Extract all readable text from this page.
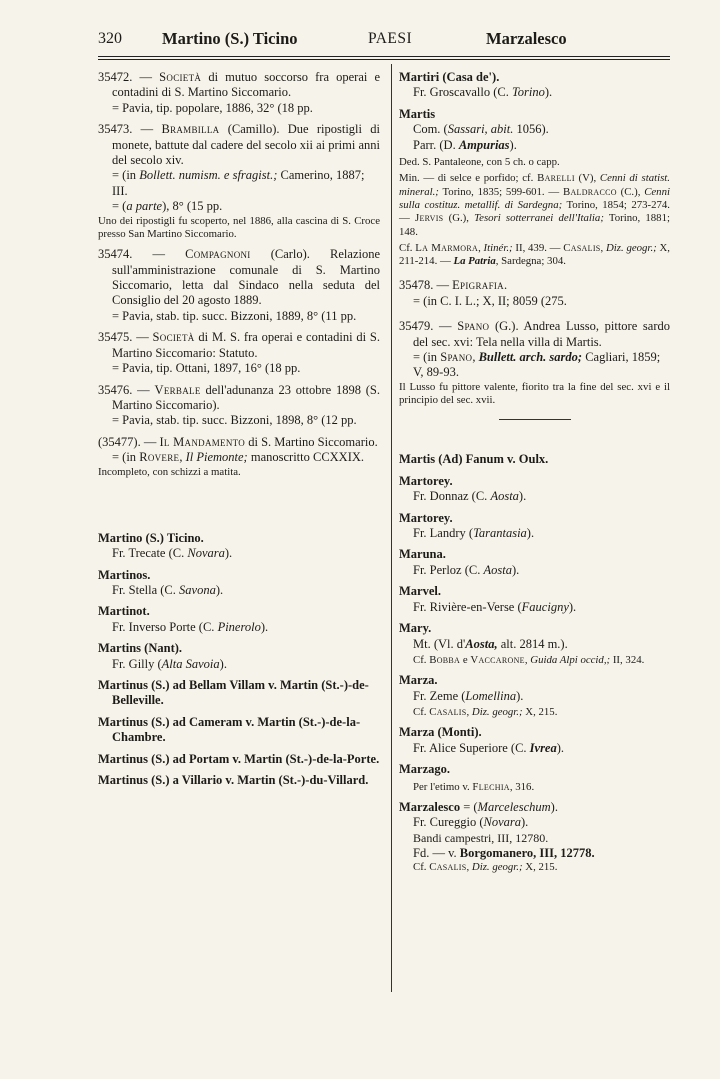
320 Martino (S.) Ticino	PAESI	Marzalesco
35472. — Società di mutuo soccorso fra operai e contadini di S. Martino Siccomario.
= Pavia, tip. popolare, 1886, 32° (18 pp.
35473. — Brambilla (Camillo). Due ripostigli di monete, battute dal cadere del secolo xii ai primi anni del secolo xiv.
= (in Bollett. numism. e sfragist.; Camerino, 1887; III.
= (a parte), 8° (15 pp.
Uno dei ripostigli fu scoperto, nel 1886, alla cascina di S. Croce presso San Martino Siccomario.
35474. — Compagnoni (Carlo). Relazione sull'amministrazione comunale di S. Martino Siccomario, letta dal Sindaco nella seduta del Consiglio del 20 agosto 1889.
= Pavia, stab. tip. succ. Bizzoni, 1889, 8° (11 pp.
35475. — Società di M. S. fra operai e contadini di S. Martino Siccomario: Statuto.
= Pavia, tip. Ottani, 1897, 16° (18 pp.
35476. — Verbale dell'adunanza 23 ottobre 1898 (S. Martino Siccomario).
= Pavia, stab. tip. succ. Bizzoni, 1898, 8° (12 pp.
(35477). — Il Mandamento di S. Martino Siccomario.
= (in Rovere, Il Piemonte; manoscritto CCXXIX.
Incompleto, con schizzi a matita.
Martino (S.) Ticino.
Fr. Trecate (C. Novara).
Martinos.
Fr. Stella (C. Savona).
Martinot.
Fr. Inverso Porte (C. Pinerolo).
Martins (Nant).
Fr. Gilly (Alta Savoia).
Martinus (S.) ad Bellam Villam v. Martin (St.-)-de-Belleville.
Martinus (S.) ad Cameram v. Martin (St.-)-de-la-Chambre.
Martinus (S.) ad Portam v. Martin (St.-)-de-la-Porte.
Martinus (S.) a Villario v. Martin (St.-)-du-Villard.
Martiri (Casa de').
Fr. Groscavallo (C. Torino).
Martis
Com. (Sassari, abit. 1056).
Parr. (D. Ampurias).
Ded. S. Pantaleone, con 5 ch. o capp.
Min. — di selce e porfido; cf. Barelli (V), Cenni di statist. mineral.; Torino, 1835; 599-601. — Baldracco (C.), Cenni sulla costituz. metallif. di Sardegna; Torino, 1854; 273-274. — Jervis (G.), Tesori sotterranei dell'Italia; Torino, 1881; 148.
Cf. La Marmora, Itinér.; II, 439. — Casalis, Diz. geogr.; X, 211-214. — La Patria, Sardegna; 304.
35478. — Epigrafia.
= (in C. I. L.; X, II; 8059 (275.
35479. — Spano (G.). Andrea Lusso, pittore sardo del sec. xvi: Tela nella villa di Martis.
= (in Spano, Bullett. arch. sardo; Cagliari, 1859; V, 89-93.
Il Lusso fu pittore valente, fiorito tra la fine del sec. xvi e il principio del sec. xvii.
Martis (Ad) Fanum v. Oulx.
Martorey.
Fr. Donnaz (C. Aosta).
Martorey.
Fr. Landry (Tarantasia).
Maruna.
Fr. Perloz (C. Aosta).
Marvel.
Fr. Rivière-en-Verse (Faucigny).
Mary.
Mt. (Vl. d'Aosta, alt. 2814 m.).
Cf. Bobba e Vaccarone, Guida Alpi occid,; II, 324.
Marza.
Fr. Zeme (Lomellina).
Cf. Casalis, Diz. geogr.; X, 215.
Marza (Monti).
Fr. Alice Superiore (C. Ivrea).
Marzago.
Per l'etimo v. Flechia, 316.
Marzalesco = (Marceleschum).
Fr. Cureggio (Novara).
Bandi campestri, III, 12780.
Fd. — v. Borgomanero, III, 12778.
Cf. Casalis, Diz. geogr.; X, 215.
